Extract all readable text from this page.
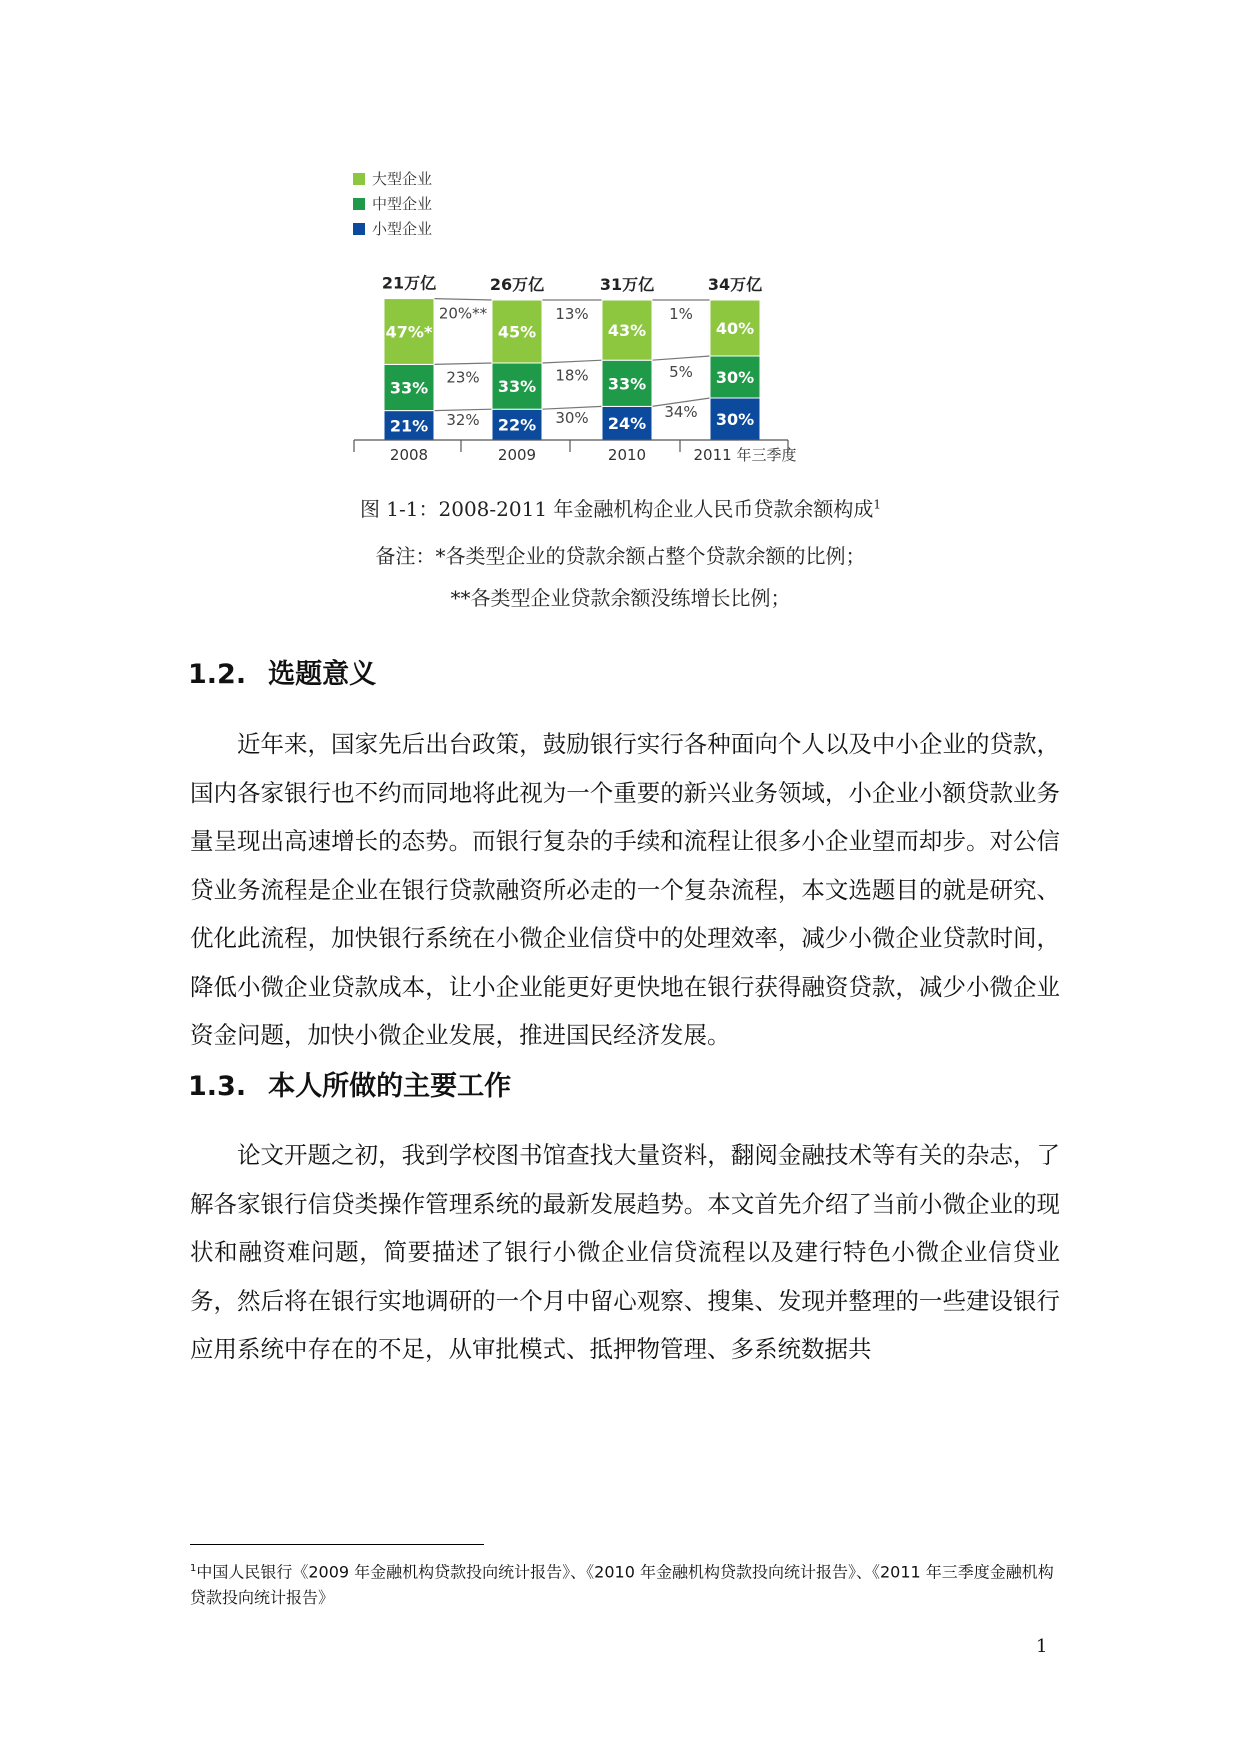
大型企业
中型企业
小型企业
32%
23%
20%**
30%
18%
13%
34%
5%
1%
21%
33%
47%*
21万亿
22%
33%
45%
26万亿
24%
33%
43%
31万亿
30%
30%
40%
34万亿
2008	2009	2010	2011 年三季度
图 1-1：2008-2011 年金融机构企业人民币贷款余额构成$^1$
备注：*各类型企业的贷款余额占整个贷款余额的比例；
**各类型企业贷款余额没练增长比例；
1.2. 选题意义
近年来，国家先后出台政策，鼓励银行实行各种面向个人以及中小企业的贷款，国内各家银行也不约而同地将此视为一个重要的新兴业务领域，小企业小额贷款业务量呈现出高速增长的态势。而银行复杂的手续和流程让很多小企业望而却步。对公信贷业务流程是企业在银行贷款融资所必走的一个复杂流程，本文选题目的就是研究、优化此流程，加快银行系统在小微企业信贷中的处理效率，减少小微企业贷款时间，降低小微企业贷款成本，让小企业能更好更快地在银行获得融资贷款，减少小微企业资金问题，加快小微企业发展，推进国民经济发展。
1.3. 本人所做的主要工作
论文开题之初，我到学校图书馆查找大量资料，翻阅金融技术等有关的杂志，了解各家银行信贷类操作管理系统的最新发展趋势。本文首先介绍了当前小微企业的现状和融资难问题，简要描述了银行小微企业信贷流程以及建行特色小微企业信贷业务，然后将在银行实地调研的一个月中留心观察、搜集、发现并整理的一些建设银行应用系统中存在的不足，从审批模式、抵押物管理、多系统数据共
$^1$中国人民银行《2009 年金融机构贷款投向统计报告》、《2010 年金融机构贷款投向统计报告》、《2011 年三季度金融机构贷款投向统计报告》
1
